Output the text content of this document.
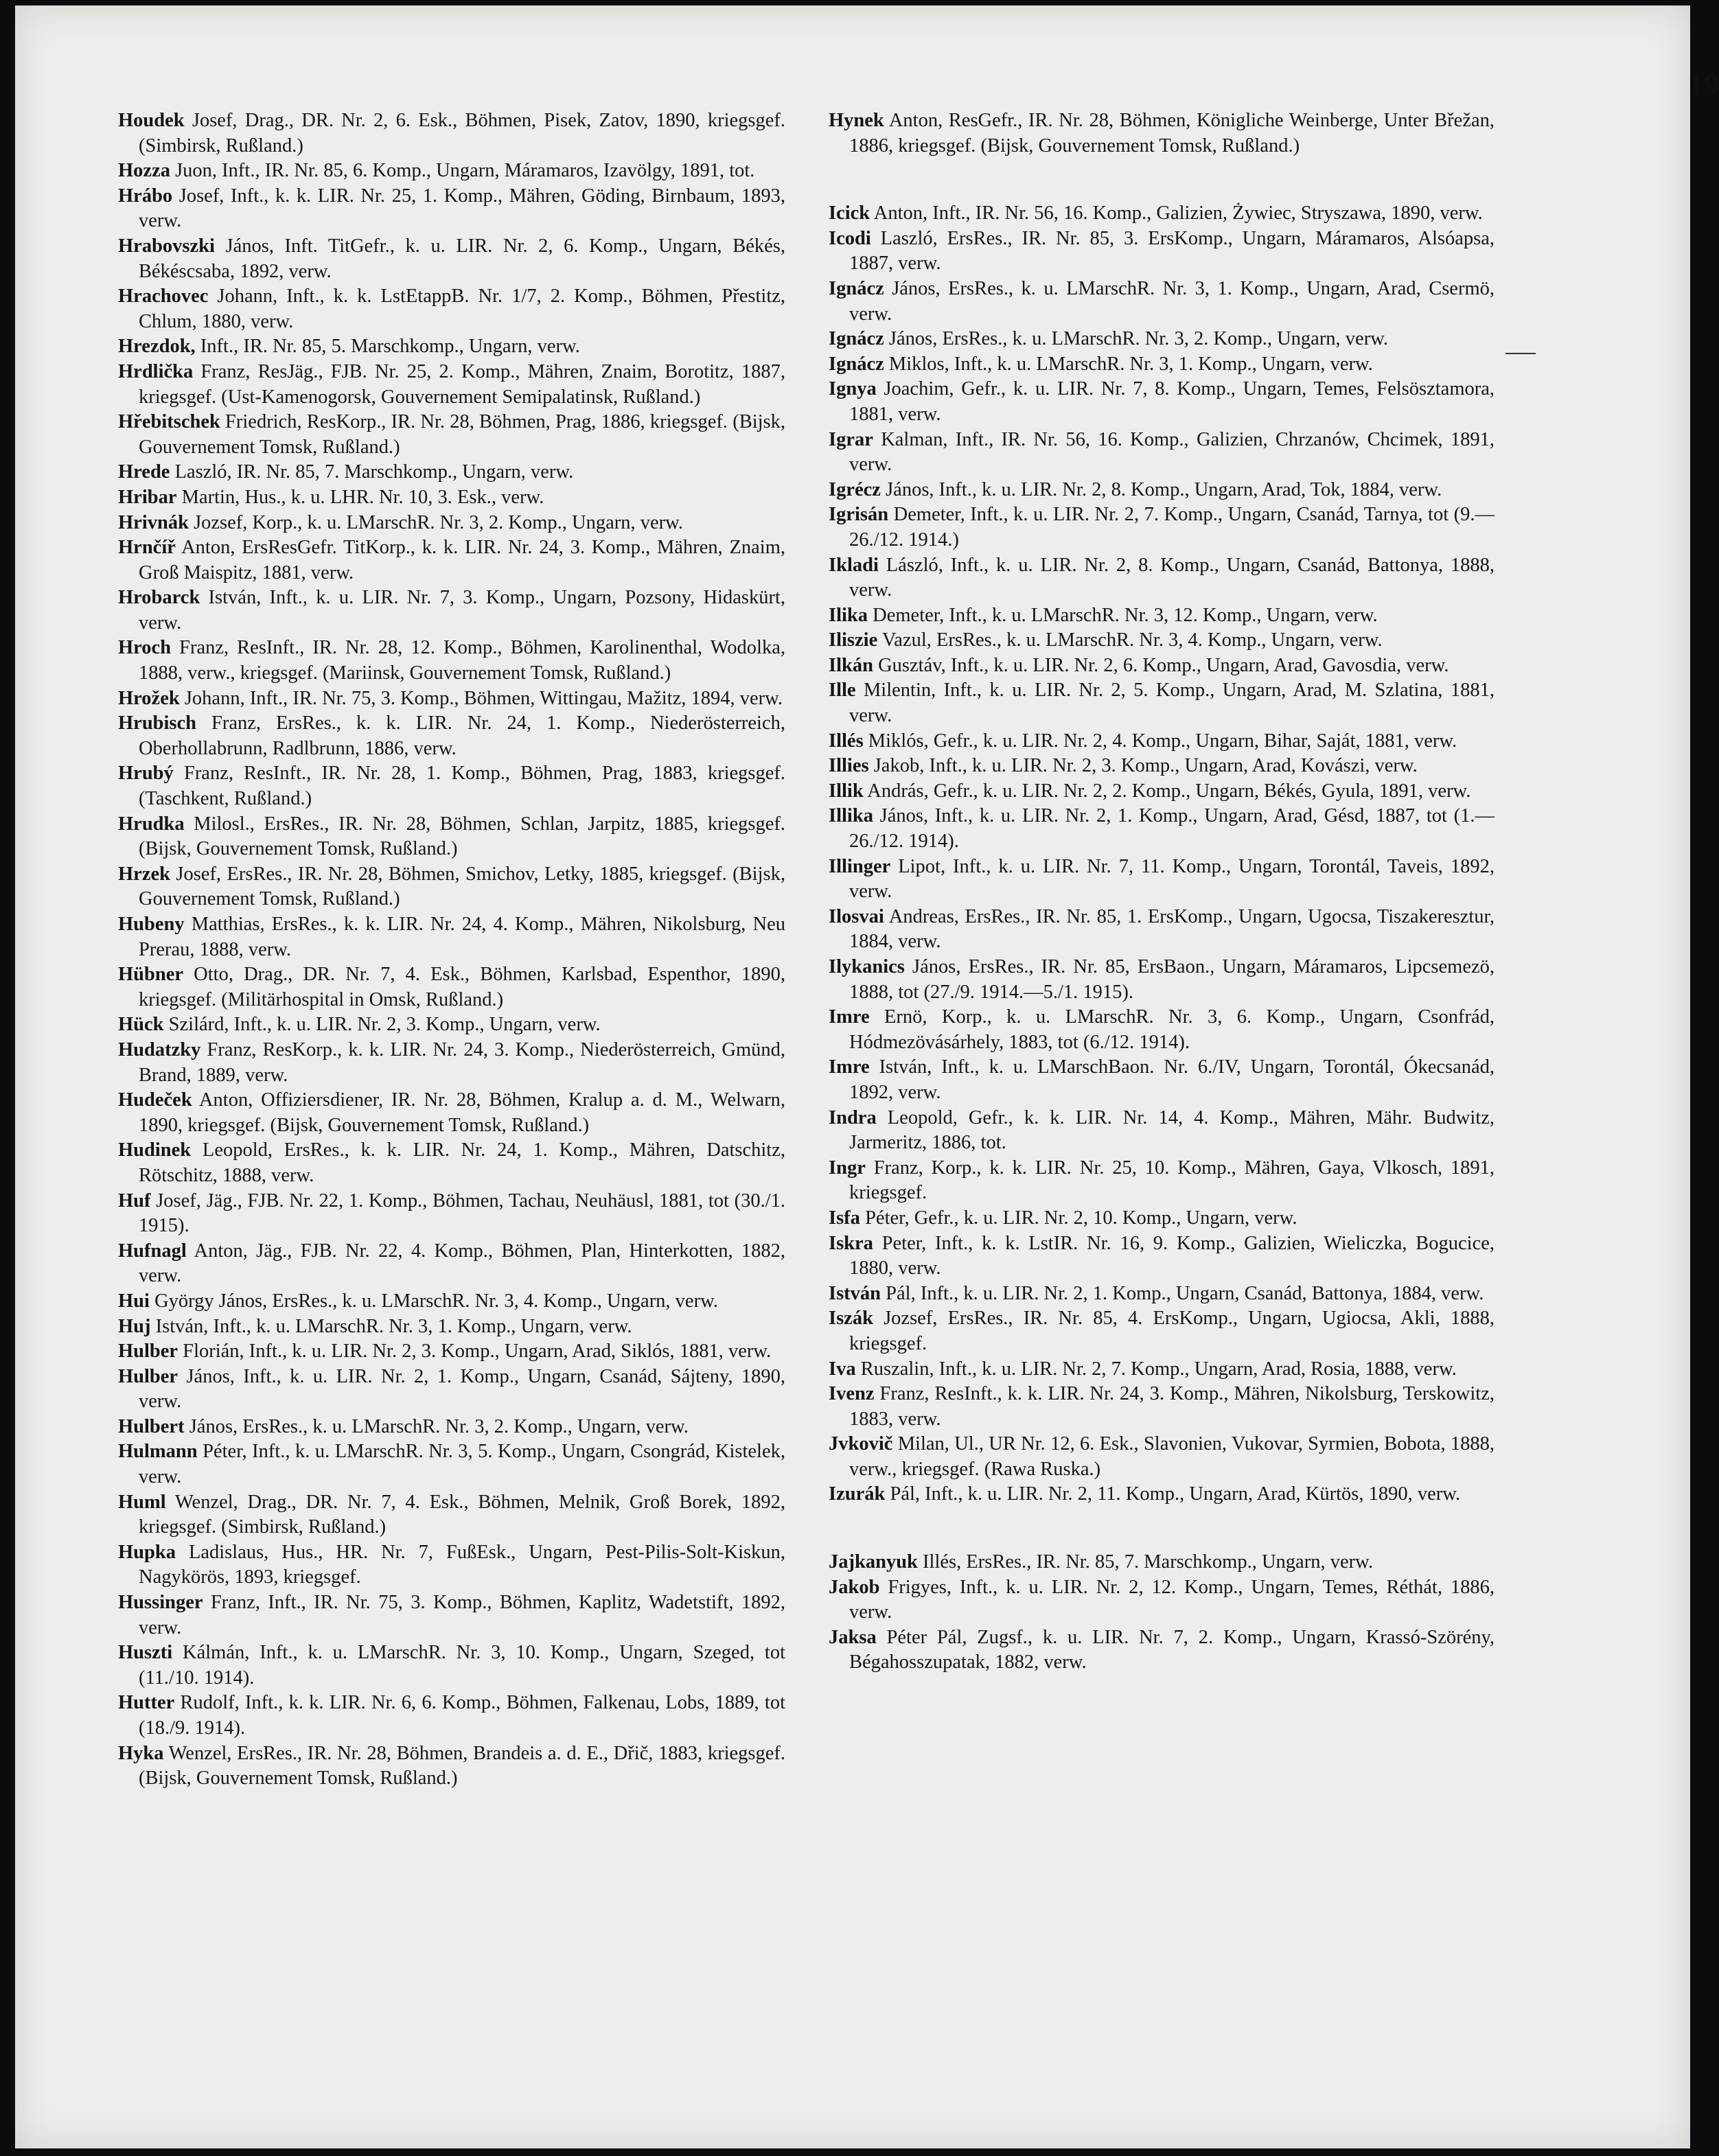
19

Houdek Josef, Drag., DR. Nr. 2, 6. Esk., Böhmen, Pisek, Zatov, 1890, kriegsgef. (Simbirsk, Rußland.)

Hozza Juon, Inft., IR. Nr. 85, 6. Komp., Ungarn, Máramaros, Izavölgy, 1891, tot.

Hrábo Josef, Inft., k. k. LIR. Nr. 25, 1. Komp., Mähren, Göding, Birnbaum, 1893, verw.

Hrabovszki János, Inft. TitGefr., k. u. LIR. Nr. 2, 6. Komp., Ungarn, Békés, Békéscsaba, 1892, verw.

Hrachovec Johann, Inft., k. k. LstEtappB. Nr. 1/7, 2. Komp., Böhmen, Přestitz, Chlum, 1880, verw.

Hrezdok, Inft., IR. Nr. 85, 5. Marschkomp., Ungarn, verw.

Hrdlička Franz, ResJäg., FJB. Nr. 25, 2. Komp., Mähren, Znaim, Borotitz, 1887, kriegsgef. (Ust-Kamenogorsk, Gouvernement Semipalatinsk, Rußland.)

Hřebitschek Friedrich, ResKorp., IR. Nr. 28, Böhmen, Prag, 1886, kriegsgef. (Bijsk, Gouvernement Tomsk, Rußland.)

Hrede Laszló, IR. Nr. 85, 7. Marschkomp., Ungarn, verw.

Hribar Martin, Hus., k. u. LHR. Nr. 10, 3. Esk., verw.

Hrivnák Jozsef, Korp., k. u. LMarschR. Nr. 3, 2. Komp., Ungarn, verw.

Hrnčíř Anton, ErsResGefr. TitKorp., k. k. LIR. Nr. 24, 3. Komp., Mähren, Znaim, Groß Maispitz, 1881, verw.

Hrobarck István, Inft., k. u. LIR. Nr. 7, 3. Komp., Ungarn, Pozsony, Hidaskürt, verw.

Hroch Franz, ResInft., IR. Nr. 28, 12. Komp., Böhmen, Karolinenthal, Wodolka, 1888, verw., kriegsgef. (Mariinsk, Gouvernement Tomsk, Rußland.)

Hrožek Johann, Inft., IR. Nr. 75, 3. Komp., Böhmen, Wittingau, Mažitz, 1894, verw.

Hrubisch Franz, ErsRes., k. k. LIR. Nr. 24, 1. Komp., Niederösterreich, Oberhollabrunn, Radlbrunn, 1886, verw.

Hrubý Franz, ResInft., IR. Nr. 28, 1. Komp., Böhmen, Prag, 1883, kriegsgef. (Taschkent, Rußland.)

Hrudka Milosl., ErsRes., IR. Nr. 28, Böhmen, Schlan, Jarpitz, 1885, kriegsgef. (Bijsk, Gouvernement Tomsk, Rußland.)

Hrzek Josef, ErsRes., IR. Nr. 28, Böhmen, Smichov, Letky, 1885, kriegsgef. (Bijsk, Gouvernement Tomsk, Rußland.)

Hubeny Matthias, ErsRes., k. k. LIR. Nr. 24, 4. Komp., Mähren, Nikolsburg, Neu Prerau, 1888, verw.

Hübner Otto, Drag., DR. Nr. 7, 4. Esk., Böhmen, Karlsbad, Espenthor, 1890, kriegsgef. (Militärhospital in Omsk, Rußland.)

Hück Szilárd, Inft., k. u. LIR. Nr. 2, 3. Komp., Ungarn, verw.

Hudatzky Franz, ResKorp., k. k. LIR. Nr. 24, 3. Komp., Niederösterreich, Gmünd, Brand, 1889, verw.

Hudeček Anton, Offiziersdiener, IR. Nr. 28, Böhmen, Kralup a. d. M., Welwarn, 1890, kriegsgef. (Bijsk, Gouvernement Tomsk, Rußland.)

Hudinek Leopold, ErsRes., k. k. LIR. Nr. 24, 1. Komp., Mähren, Datschitz, Rötschitz, 1888, verw.

Huf Josef, Jäg., FJB. Nr. 22, 1. Komp., Böhmen, Tachau, Neuhäusl, 1881, tot (30./1. 1915).

Hufnagl Anton, Jäg., FJB. Nr. 22, 4. Komp., Böhmen, Plan, Hinterkotten, 1882, verw.

Hui György János, ErsRes., k. u. LMarschR. Nr. 3, 4. Komp., Ungarn, verw.

Huj István, Inft., k. u. LMarschR. Nr. 3, 1. Komp., Ungarn, verw.

Hulber Florián, Inft., k. u. LIR. Nr. 2, 3. Komp., Ungarn, Arad, Siklós, 1881, verw.

Hulber János, Inft., k. u. LIR. Nr. 2, 1. Komp., Ungarn, Csanád, Sájteny, 1890, verw.

Hulbert János, ErsRes., k. u. LMarschR. Nr. 3, 2. Komp., Ungarn, verw.

Hulmann Péter, Inft., k. u. LMarschR. Nr. 3, 5. Komp., Ungarn, Csongrád, Kistelek, verw.

Huml Wenzel, Drag., DR. Nr. 7, 4. Esk., Böhmen, Melnik, Groß Borek, 1892, kriegsgef. (Simbirsk, Rußland.)

Hupka Ladislaus, Hus., HR. Nr. 7, FußEsk., Ungarn, Pest-Pilis-Solt-Kiskun, Nagykörös, 1893, kriegsgef.

Hussinger Franz, Inft., IR. Nr. 75, 3. Komp., Böhmen, Kaplitz, Wadetstift, 1892, verw.

Huszti Kálmán, Inft., k. u. LMarschR. Nr. 3, 10. Komp., Ungarn, Szeged, tot (11./10. 1914).

Hutter Rudolf, Inft., k. k. LIR. Nr. 6, 6. Komp., Böhmen, Falkenau, Lobs, 1889, tot (18./9. 1914).

Hyka Wenzel, ErsRes., IR. Nr. 28, Böhmen, Brandeis a. d. E., Dřič, 1883, kriegsgef. (Bijsk, Gouvernement Tomsk, Rußland.)

Hynek Anton, ResGefr., IR. Nr. 28, Böhmen, Königliche Weinberge, Unter Břežan, 1886, kriegsgef. (Bijsk, Gouvernement Tomsk, Rußland.)

Icick Anton, Inft., IR. Nr. 56, 16. Komp., Galizien, Żywiec, Stryszawa, 1890, verw.

Icodi Laszló, ErsRes., IR. Nr. 85, 3. ErsKomp., Ungarn, Máramaros, Alsóapsa, 1887, verw.

Ignácz János, ErsRes., k. u. LMarschR. Nr. 3, 1. Komp., Ungarn, Arad, Csermö, verw.

Ignácz János, ErsRes., k. u. LMarschR. Nr. 3, 2. Komp., Ungarn, verw.

Ignácz Miklos, Inft., k. u. LMarschR. Nr. 3, 1. Komp., Ungarn, verw.

Ignya Joachim, Gefr., k. u. LIR. Nr. 7, 8. Komp., Ungarn, Temes, Felsösztamora, 1881, verw.

Igrar Kalman, Inft., IR. Nr. 56, 16. Komp., Galizien, Chrzanów, Chcimek, 1891, verw.

Igrécz János, Inft., k. u. LIR. Nr. 2, 8. Komp., Ungarn, Arad, Tok, 1884, verw.

Igrisán Demeter, Inft., k. u. LIR. Nr. 2, 7. Komp., Ungarn, Csanád, Tarnya, tot (9.—26./12. 1914.)

Ikladi László, Inft., k. u. LIR. Nr. 2, 8. Komp., Ungarn, Csanád, Battonya, 1888, verw.

Ilika Demeter, Inft., k. u. LMarschR. Nr. 3, 12. Komp., Ungarn, verw.

Iliszie Vazul, ErsRes., k. u. LMarschR. Nr. 3, 4. Komp., Ungarn, verw.

Ilkán Gusztáv, Inft., k. u. LIR. Nr. 2, 6. Komp., Ungarn, Arad, Gavosdia, verw.

Ille Milentin, Inft., k. u. LIR. Nr. 2, 5. Komp., Ungarn, Arad, M. Szlatina, 1881, verw.

Illés Miklós, Gefr., k. u. LIR. Nr. 2, 4. Komp., Ungarn, Bihar, Saját, 1881, verw.

Illies Jakob, Inft., k. u. LIR. Nr. 2, 3. Komp., Ungarn, Arad, Kovászi, verw.

Illik András, Gefr., k. u. LIR. Nr. 2, 2. Komp., Ungarn, Békés, Gyula, 1891, verw.

Illika János, Inft., k. u. LIR. Nr. 2, 1. Komp., Ungarn, Arad, Gésd, 1887, tot (1.—26./12. 1914).

Illinger Lipot, Inft., k. u. LIR. Nr. 7, 11. Komp., Ungarn, Torontál, Taveis, 1892, verw.

Ilosvai Andreas, ErsRes., IR. Nr. 85, 1. ErsKomp., Ungarn, Ugocsa, Tiszakeresztur, 1884, verw.

Ilykanics János, ErsRes., IR. Nr. 85, ErsBaon., Ungarn, Máramaros, Lipcsemezö, 1888, tot (27./9. 1914.—5./1. 1915).

Imre Ernö, Korp., k. u. LMarschR. Nr. 3, 6. Komp., Ungarn, Csonfrád, Hódmezövásárhely, 1883, tot (6./12. 1914).

Imre István, Inft., k. u. LMarschBaon. Nr. 6./IV, Ungarn, Torontál, Ókecsanád, 1892, verw.

Indra Leopold, Gefr., k. k. LIR. Nr. 14, 4. Komp., Mähren, Mähr. Budwitz, Jarmeritz, 1886, tot.

Ingr Franz, Korp., k. k. LIR. Nr. 25, 10. Komp., Mähren, Gaya, Vlkosch, 1891, kriegsgef.

Isfa Péter, Gefr., k. u. LIR. Nr. 2, 10. Komp., Ungarn, verw.

Iskra Peter, Inft., k. k. LstIR. Nr. 16, 9. Komp., Galizien, Wieliczka, Bogucice, 1880, verw.

István Pál, Inft., k. u. LIR. Nr. 2, 1. Komp., Ungarn, Csanád, Battonya, 1884, verw.

Iszák Jozsef, ErsRes., IR. Nr. 85, 4. ErsKomp., Ungarn, Ugiocsa, Akli, 1888, kriegsgef.

Iva Ruszalin, Inft., k. u. LIR. Nr. 2, 7. Komp., Ungarn, Arad, Rosia, 1888, verw.

Ivenz Franz, ResInft., k. k. LIR. Nr. 24, 3. Komp., Mähren, Nikolsburg, Terskowitz, 1883, verw.

Jvkovič Milan, Ul., UR Nr. 12, 6. Esk., Slavonien, Vukovar, Syrmien, Bobota, 1888, verw., kriegsgef. (Rawa Ruska.)

Izurák Pál, Inft., k. u. LIR. Nr. 2, 11. Komp., Ungarn, Arad, Kürtös, 1890, verw.

Jajkanyuk Illés, ErsRes., IR. Nr. 85, 7. Marschkomp., Ungarn, verw.

Jakob Frigyes, Inft., k. u. LIR. Nr. 2, 12. Komp., Ungarn, Temes, Réthát, 1886, verw.

Jaksa Péter Pál, Zugsf., k. u. LIR. Nr. 7, 2. Komp., Ungarn, Krassó-Szörény, Bégahosszupatak, 1882, verw.
